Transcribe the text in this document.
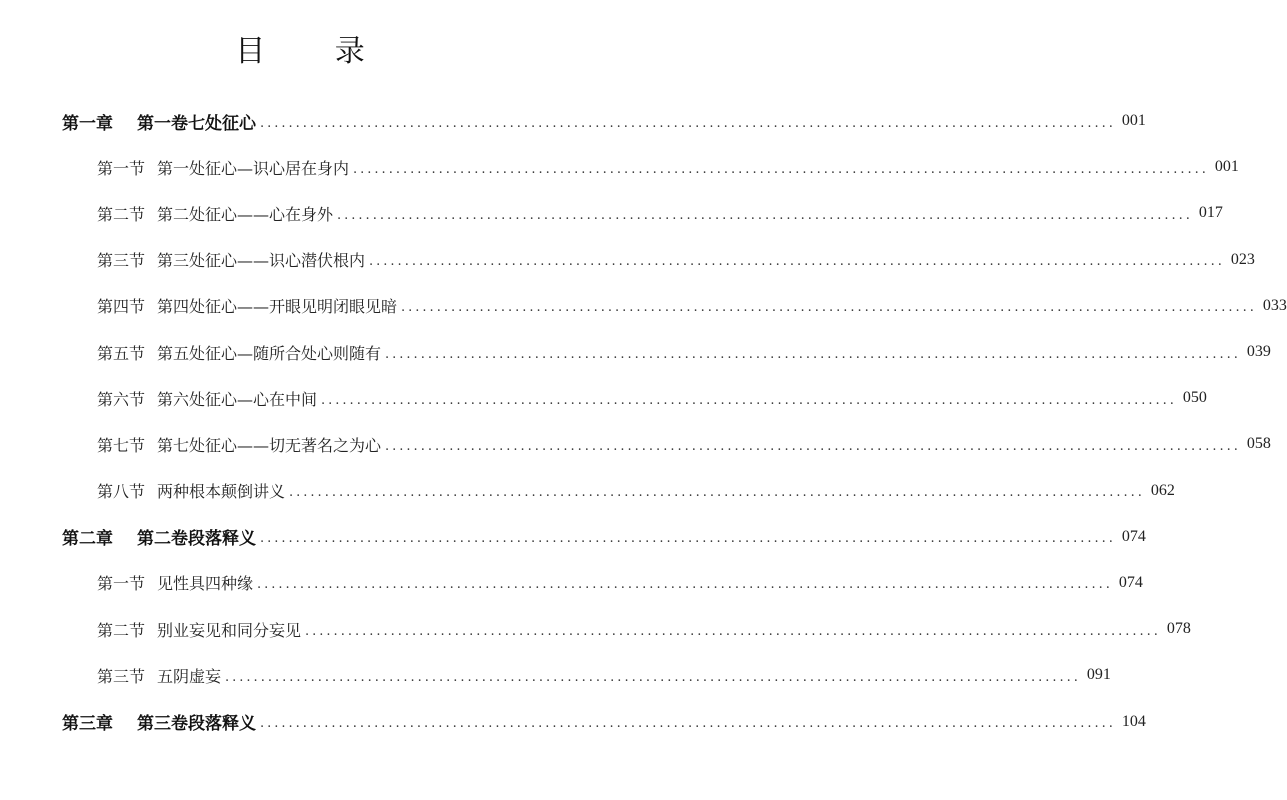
目 录
第一章 第一卷七处征心 ........................................................................................................................ 001
第一节 第一处征心—识心居在身内 ........................................................................................................................ 001
第二节 第二处征心——心在身外 ........................................................................................................................ 017
第三节 第三处征心——识心潜伏根内 ........................................................................................................................ 023
第四节 第四处征心——开眼见明闭眼见暗 ........................................................................................................................ 033
第五节 第五处征心—随所合处心则随有 ........................................................................................................................ 039
第六节 第六处征心—心在中间 ........................................................................................................................ 050
第七节 第七处征心——切无著名之为心 ........................................................................................................................ 058
第八节 两种根本颠倒讲义 ........................................................................................................................ 062
第二章 第二卷段落释义 ........................................................................................................................ 074
第一节 见性具四种缘 ........................................................................................................................ 074
第二节 别业妄见和同分妄见 ........................................................................................................................ 078
第三节 五阴虚妄 ........................................................................................................................ 091
第三章 第三卷段落释义 ........................................................................................................................ 104
